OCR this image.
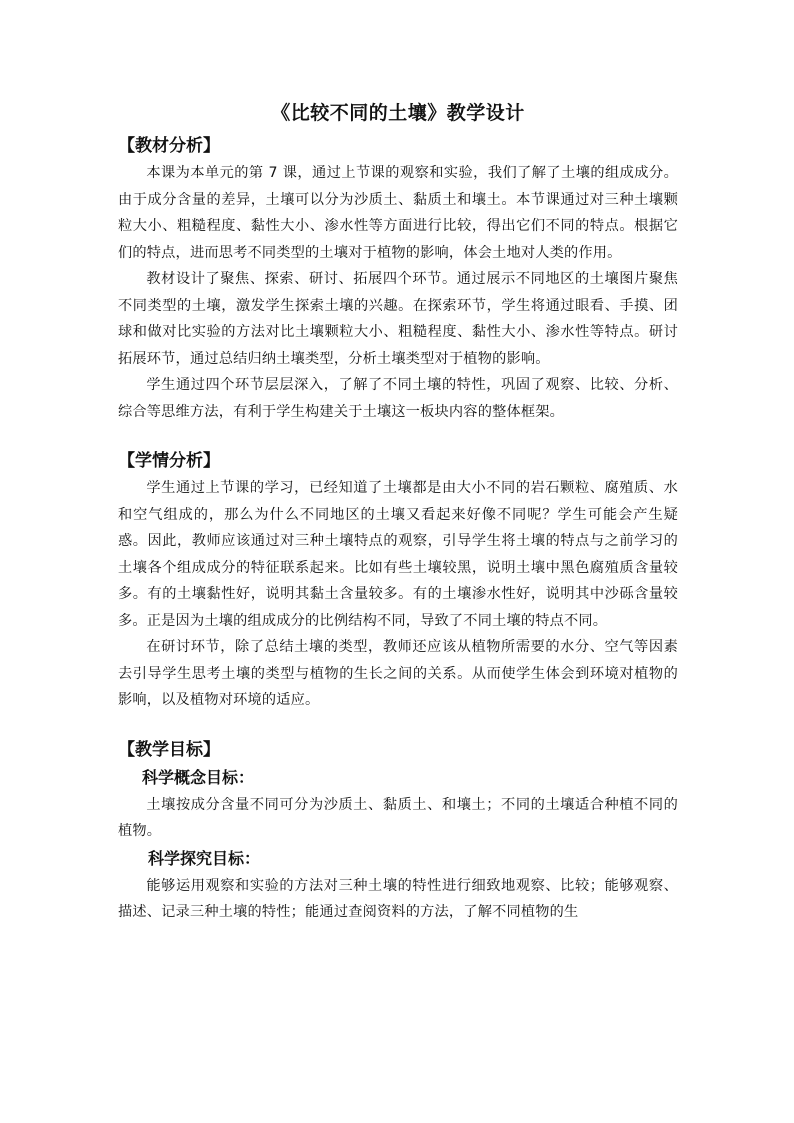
《比较不同的土壤》教学设计
【教材分析】

本课为本单元的第 7 课，通过上节课的观察和实验，我们了解了土壤的组成成分。由于成分含量的差异，土壤可以分为沙质土、黏质土和壤土。本节课通过对三种土壤颗粒大小、粗糙程度、黏性大小、渗水性等方面进行比较，得出它们不同的特点。根据它们的特点，进而思考不同类型的土壤对于植物的影响，体会土地对人类的作用。

教材设计了聚焦、探索、研讨、拓展四个环节。通过展示不同地区的土壤图片聚焦不同类型的土壤，激发学生探索土壤的兴趣。在探索环节，学生将通过眼看、手摸、团球和做对比实验的方法对比土壤颗粒大小、粗糙程度、黏性大小、渗水性等特点。研讨拓展环节，通过总结归纳土壤类型，分析土壤类型对于植物的影响。

学生通过四个环节层层深入，了解了不同土壤的特性，巩固了观察、比较、分析、综合等思维方法，有利于学生构建关于土壤这一板块内容的整体框架。

【学情分析】

学生通过上节课的学习，已经知道了土壤都是由大小不同的岩石颗粒、腐殖质、水和空气组成的，那么为什么不同地区的土壤又看起来好像不同呢？学生可能会产生疑惑。因此，教师应该通过对三种土壤特点的观察，引导学生将土壤的特点与之前学习的土壤各个组成成分的特征联系起来。比如有些土壤较黑，说明土壤中黑色腐殖质含量较多。有的土壤黏性好，说明其黏土含量较多。有的土壤渗水性好，说明其中沙砾含量较多。正是因为土壤的组成成分的比例结构不同，导致了不同土壤的特点不同。

在研讨环节，除了总结土壤的类型，教师还应该从植物所需要的水分、空气等因素去引导学生思考土壤的类型与植物的生长之间的关系。从而使学生体会到环境对植物的影响，以及植物对环境的适应。

【教学目标】
科学概念目标：

土壤按成分含量不同可分为沙质土、黏质土、和壤土；不同的土壤适合种植不同的植物。

科学探究目标：

能够运用观察和实验的方法对三种土壤的特性进行细致地观察、比较；能够观察、描述、记录三种土壤的特性；能通过查阅资料的方法，了解不同植物的生
